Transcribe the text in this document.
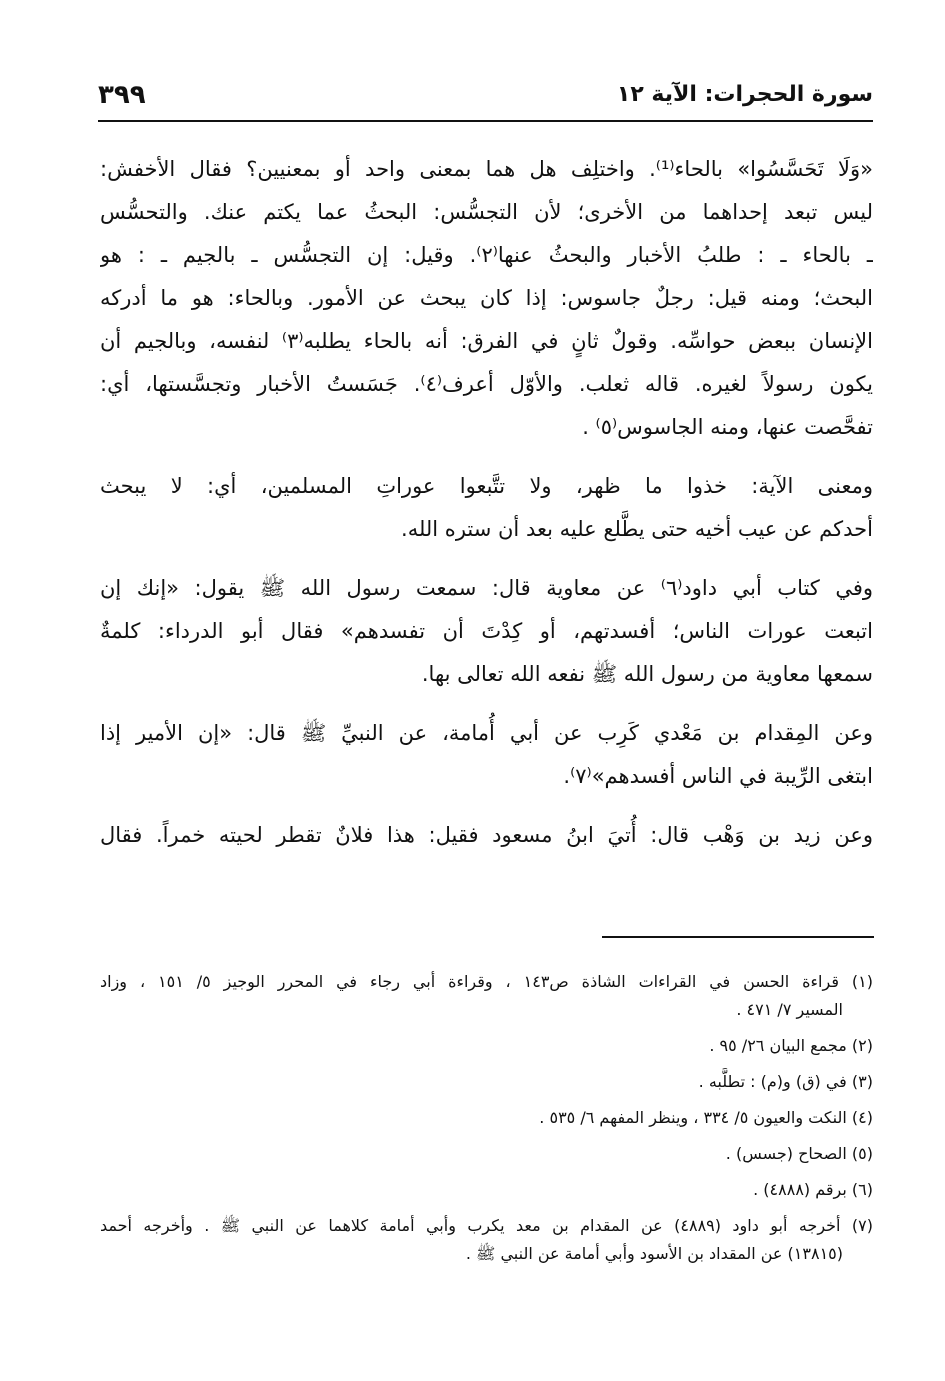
سورة الحجرات: الآية ١٢
٣٩٩
«وَلَا تَحَسَّسُوا» بالحاء⁽¹⁾. واختلِف هل هما بمعنى واحد أو بمعنيين؟ فقال الأخفش:
ليس تبعد إحداهما من الأخرى؛ لأن التجسُّس: البحثُ عما يكتم عنك. والتحسُّس
ـ بالحاء ـ : طلبُ الأخبار والبحثُ عنها⁽٢⁾. وقيل: إن التجسُّس ـ بالجيم ـ : هو
البحث؛ ومنه قيل: رجلٌ جاسوس: إذا كان يبحث عن الأمور. وبالحاء: هو ما أدركه
الإنسان ببعض حواسِّه. وقولٌ ثانٍ في الفرق: أنه بالحاء يطلبه⁽٣⁾ لنفسه، وبالجيم أن
يكون رسولاً لغيره. قاله ثعلب. والأوّل أعرف⁽٤⁾. جَسَستُ الأخبار وتجسَّستها، أي:
تفحَّصت عنها، ومنه الجاسوس⁽٥⁾ .
ومعنى الآية: خذوا ما ظهر، ولا تتَّبعوا عوراتِ المسلمين، أي: لا يبحث
أحدكم عن عيب أخيه حتى يطَّلع عليه بعد أن ستره الله.
وفي كتاب أبي داود⁽٦⁾ عن معاوية قال: سمعت رسول الله ﷺ يقول: «إنك إن
اتبعت عورات الناس؛ أفسدتهم، أو كِدْتَ أن تفسدهم» فقال أبو الدرداء: كلمةٌ
سمعها معاوية من رسول الله ﷺ نفعه الله تعالى بها.
وعن المِقدام بن مَعْدي كَرِب عن أبي أُمامة، عن النبيِّ ﷺ قال: «إن الأمير إذا
ابتغى الرِّيبة في الناس أفسدهم»⁽٧⁾.
وعن زيد بن وَهْب قال: أُتيَ ابنُ مسعود فقيل: هذا فلانٌ تقطر لحيته خمراً. فقال
(١) قراءة الحسن في القراءات الشاذة ص١٤٣ ، وقراءة أبي رجاء في المحرر الوجيز ٥/ ١٥١ ، وزاد
المسير ٧/ ٤٧١ .
(٢) مجمع البيان ٢٦/ ٩٥ .
(٣) في (ق) و(م) : تطلَّبه .
(٤) النكت والعيون ٥/ ٣٣٤ ، وينظر المفهم ٦/ ٥٣٥ .
(٥) الصحاح (جسس) .
(٦) برقم (٤٨٨٨) .
(٧) أخرجه أبو داود (٤٨٨٩) عن المقدام بن معد يكرب وأبي أمامة كلاهما عن النبي ﷺ . وأخرجه أحمد
(١٣٨١٥) عن المقداد بن الأسود وأبي أمامة عن النبي ﷺ .
